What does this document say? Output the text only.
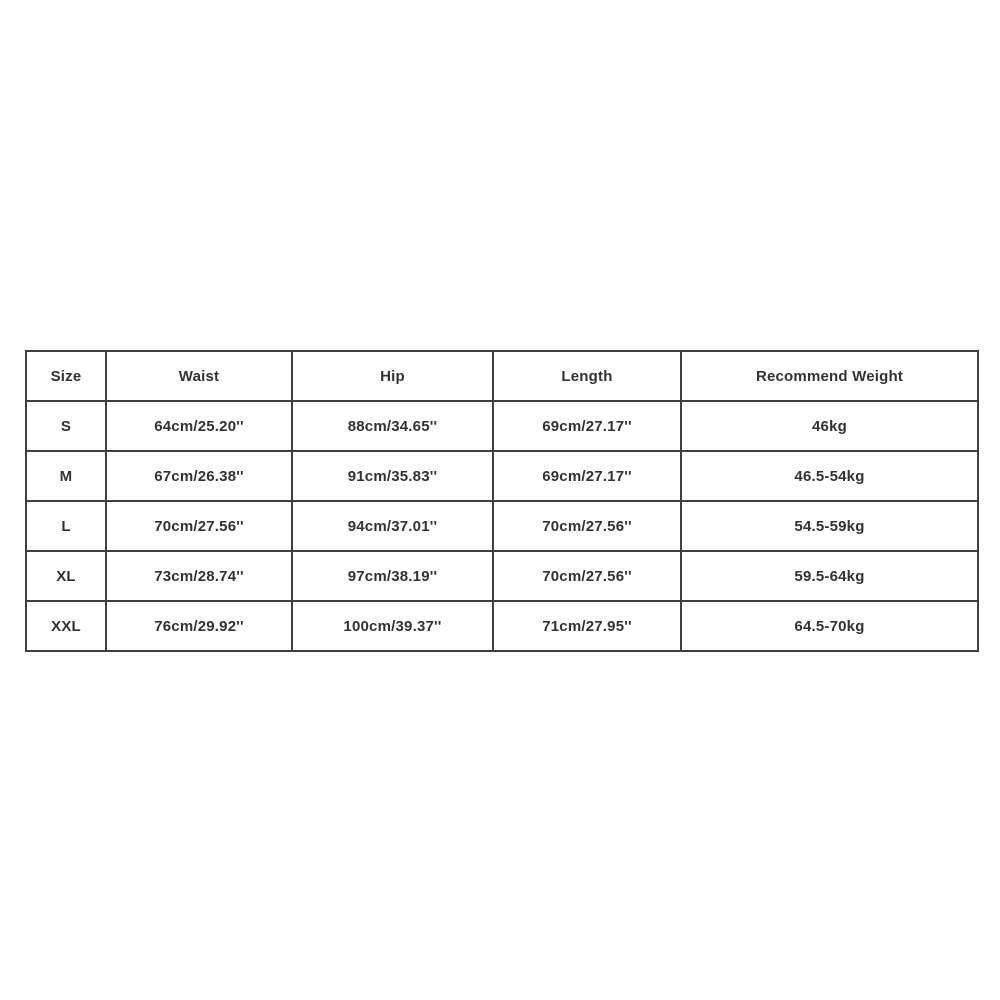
Size	Waist	Hip	Length	Recommend Weight
S	64cm/25.20''	88cm/34.65''	69cm/27.17''	46kg
M	67cm/26.38''	91cm/35.83''	69cm/27.17''	46.5-54kg
L	70cm/27.56''	94cm/37.01''	70cm/27.56''	54.5-59kg
XL	73cm/28.74''	97cm/38.19''	70cm/27.56''	59.5-64kg
XXL	76cm/29.92''	100cm/39.37''	71cm/27.95''	64.5-70kg
